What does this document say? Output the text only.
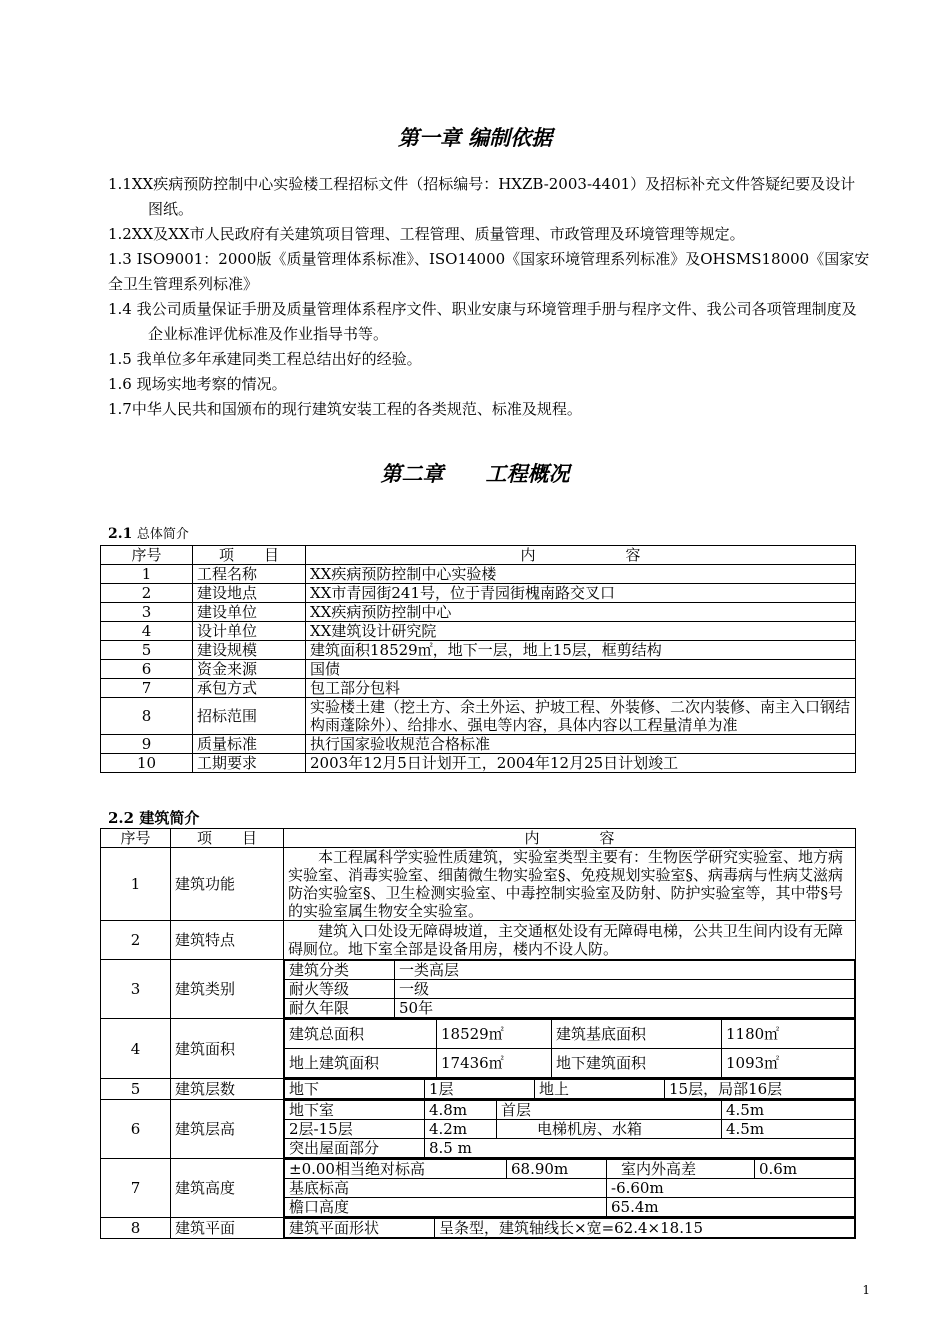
第一章 编制依据
1.1XX疾病预防控制中心实验楼工程招标文件（招标编号：HXZB-2003-4401）及招标补充文件答疑纪要及设计图纸。
1.2XX及XX市人民政府有关建筑项目管理、工程管理、质量管理、市政管理及环境管理等规定。
1.3 ISO9001：2000版《质量管理体系标准》、ISO14000《国家环境管理系列标准》及OHSMS18000《国家安全卫生管理系列标准》
1.4 我公司质量保证手册及质量管理体系程序文件、职业安康与环境管理手册与程序文件、我公司各项管理制度及企业标准评优标准及作业指导书等。
1.5 我单位多年承建同类工程总结出好的经验。
1.6 现场实地考察的情况。
1.7中华人民共和国颁布的现行建筑安装工程的各类规范、标准及规程。
第二章　　工程概况
2.1 总体简介
序号	项　　目	内　　　　　　容
1	工程名称	XX疾病预防控制中心实验楼
2	建设地点	XX市青园街241号，位于青园街槐南路交叉口
3	建设单位	XX疾病预防控制中心
4	设计单位	XX建筑设计研究院
5	建设规模	建筑面积18529㎡，地下一层，地上15层，框剪结构
6	资金来源	国债
7	承包方式	包工部分包料
8	招标范围	实验楼土建（挖土方、余土外运、护坡工程、外装修、二次内装修、南主入口钢结构雨蓬除外）、给排水、强电等内容，具体内容以工程量清单为准
9	质量标准	执行国家验收规范合格标准
10	工期要求	2003年12月5日计划开工，2004年12月25日计划竣工
2.2 建筑简介
序号	项　　目	内　　　　容
1	建筑功能	本工程属科学实验性质建筑，实验室类型主要有：生物医学研究实验室、地方病实验室、消毒实验室、细菌微生物实验室§、免疫规划实验室§、病毒病与性病艾滋病防治实验室§、卫生检测实验室、中毒控制实验室及防射、防护实验室等，其中带§号的实验室属生物安全实验室。
2	建筑特点	建筑入口处设无障碍坡道，主交通枢处设有无障碍电梯，公共卫生间内设有无障碍厕位。地下室全部是设备用房，楼内不设人防。
3	建筑类别	
建筑分类	一类高层
耐火等级	一级
耐久年限	50年

4	建筑面积	
建筑总面积	18529㎡	建筑基底面积	1180㎡
地上建筑面积	17436㎡	地下建筑面积	1093㎡

5	建筑层数		地下	1层	地上	15层，局部16层

6	建筑层高	
地下室	4.8m	首层	4.5m
2层-15层	4.2m	电梯机房、水箱	4.5m
突出屋面部分	8.5 m

7	建筑高度	
±0.00相当绝对标高	68.90m	室内外高差	0.6m
基底标高	-6.60m
檐口高度	65.4m

8	建筑平面		建筑平面形状	呈条型，建筑轴线长×宽=62.4×18.15
1
